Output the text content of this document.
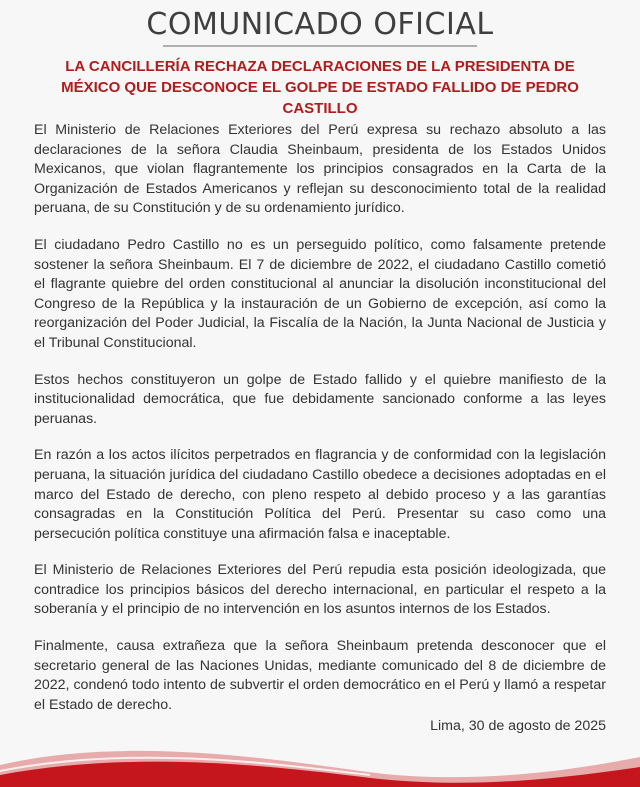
COMUNICADO OFICIAL
LA CANCILLERÍA RECHAZA DECLARACIONES DE LA PRESIDENTA DE MÉXICO QUE DESCONOCE EL GOLPE DE ESTADO FALLIDO DE PEDRO CASTILLO

El Ministerio de Relaciones Exteriores del Perú expresa su rechazo absoluto a las declaraciones de la señora Claudia Sheinbaum, presidenta de los Estados Unidos Mexicanos, que violan flagrantemente los principios consagrados en la Carta de la Organización de Estados Americanos y reflejan su desconocimiento total de la realidad peruana, de su Constitución y de su ordenamiento jurídico.

El ciudadano Pedro Castillo no es un perseguido político, como falsamente pretende sostener la señora Sheinbaum. El 7 de diciembre de 2022, el ciudadano Castillo cometió el flagrante quiebre del orden constitucional al anunciar la disolución inconstitucional del Congreso de la República y la instauración de un Gobierno de excepción, así como la reorganización del Poder Judicial, la Fiscalía de la Nación, la Junta Nacional de Justicia y el Tribunal Constitucional.

Estos hechos constituyeron un golpe de Estado fallido y el quiebre manifiesto de la institucionalidad democrática, que fue debidamente sancionado conforme a las leyes peruanas.

En razón a los actos ilícitos perpetrados en flagrancia y de conformidad con la legislación peruana, la situación jurídica del ciudadano Castillo obedece a decisiones adoptadas en el marco del Estado de derecho, con pleno respeto al debido proceso y a las garantías consagradas en la Constitución Política del Perú. Presentar su caso como una persecución política constituye una afirmación falsa e inaceptable.

El Ministerio de Relaciones Exteriores del Perú repudia esta posición ideologizada, que contradice los principios básicos del derecho internacional, en particular el respeto a la soberanía y el principio de no intervención en los asuntos internos de los Estados.

Finalmente, causa extrañeza que la señora Sheinbaum pretenda desconocer que el secretario general de las Naciones Unidas, mediante comunicado del 8 de diciembre de 2022, condenó todo intento de subvertir el orden democrático en el Perú y llamó a respetar el Estado de derecho.

Lima, 30 de agosto de 2025
